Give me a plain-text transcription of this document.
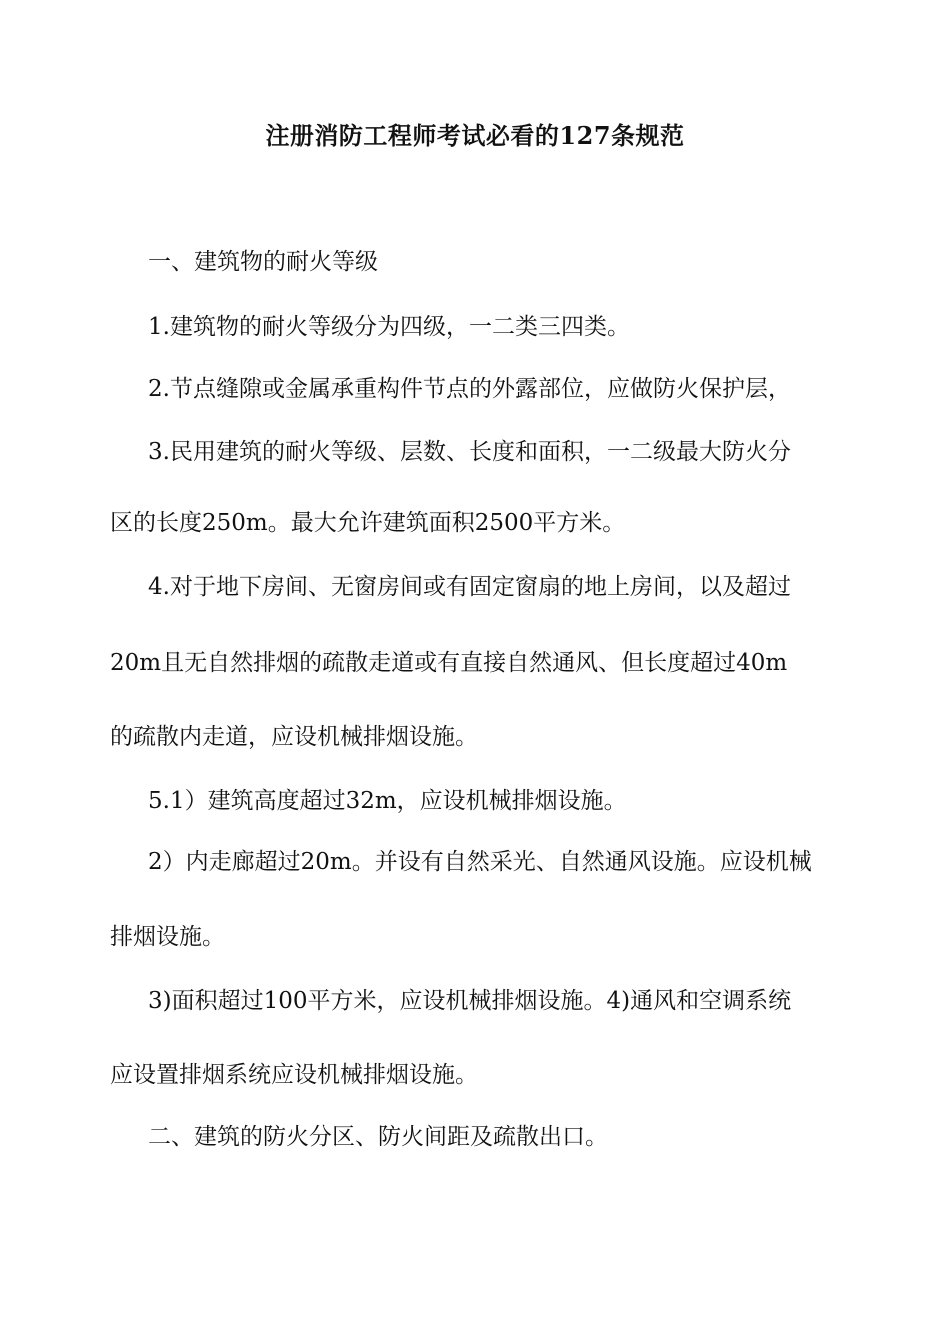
注册消防工程师考试必看的127条规范
一、建筑物的耐火等级
1.建筑物的耐火等级分为四级，一二类三四类。
2.节点缝隙或金属承重构件节点的外露部位，应做防火保护层，
3.民用建筑的耐火等级、层数、长度和面积，一二级最大防火分
区的长度250m。最大允许建筑面积2500平方米。
4.对于地下房间、无窗房间或有固定窗扇的地上房间，以及超过
20m且无自然排烟的疏散走道或有直接自然通风、但长度超过40m
的疏散内走道，应设机械排烟设施。
5.1）建筑高度超过32m，应设机械排烟设施。
2）内走廊超过20m。并设有自然采光、自然通风设施。应设机械
排烟设施。
3)面积超过100平方米，应设机械排烟设施。4)通风和空调系统
应设置排烟系统应设机械排烟设施。
二、建筑的防火分区、防火间距及疏散出口。
